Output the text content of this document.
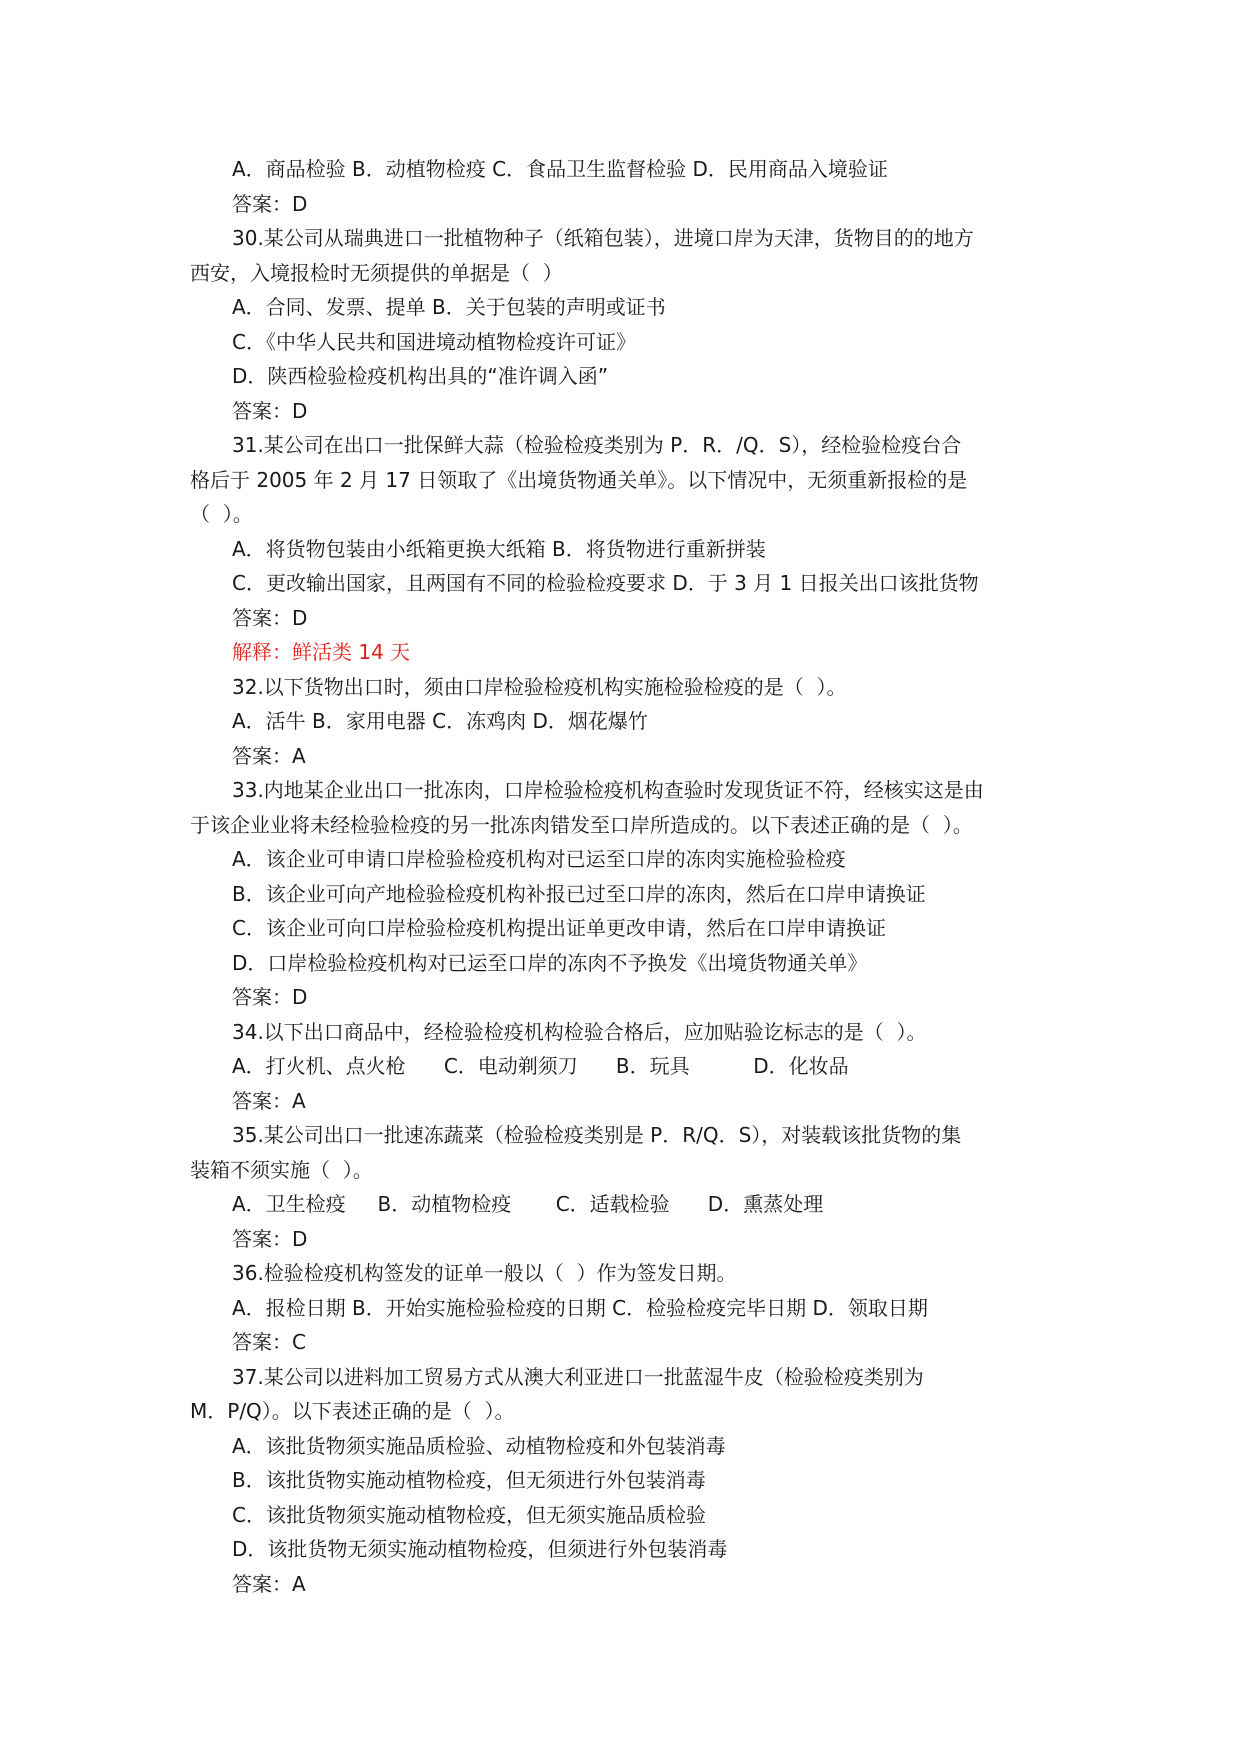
A．商品检验 B．动植物检疫 C．食品卫生监督检验 D．民用商品入境验证
答案：D
30.某公司从瑞典进口一批植物种子（纸箱包装），进境口岸为天津，货物目的的地方
西安，入境报检时无须提供的单据是（  ）
A．合同、发票、提单 B．关于包装的声明或证书
C．《中华人民共和国进境动植物检疫许可证》
D．陕西检验检疫机构出具的“准许调入函”
答案：D
31.某公司在出口一批保鲜大蒜（检验检疫类别为 P．R．/Q．S），经检验检疫台合
格后于 2005 年 2 月 17 日领取了《出境货物通关单》。以下情况中，无须重新报检的是
（  ）。
A．将货物包装由小纸箱更换大纸箱 B．将货物进行重新拼装
C．更改输出国家，且两国有不同的检验检疫要求 D．于 3 月 1 日报关出口该批货物
答案：D
解释：鲜活类 14 天
32.以下货物出口时，须由口岸检验检疫机构实施检验检疫的是（  ）。
A．活牛 B．家用电器 C．冻鸡肉 D．烟花爆竹
答案：A
33.内地某企业出口一批冻肉，口岸检验检疫机构查验时发现货证不符，经核实这是由
于该企业业将未经检验检疫的另一批冻肉错发至口岸所造成的。以下表述正确的是（  ）。
A．该企业可申请口岸检验检疫机构对已运至口岸的冻肉实施检验检疫
B．该企业可向产地检验检疫机构补报已过至口岸的冻肉，然后在口岸申请换证
C．该企业可向口岸检验检疫机构提出证单更改申请，然后在口岸申请换证
D．口岸检验检疫机构对已运至口岸的冻肉不予换发《出境货物通关单》
答案：D
34.以下出口商品中，经检验检疫机构检验合格后，应加贴验讫标志的是（  ）。
A．打火机、点火枪      C．电动剃须刀      B．玩具          D．化妆品
答案：A
35.某公司出口一批速冻蔬菜（检验检疫类别是 P．R/Q．S），对装载该批货物的集
装箱不须实施（  ）。
A．卫生检疫     B．动植物检疫       C．适载检验      D．熏蒸处理
答案：D
36.检验检疫机构签发的证单一般以（  ）作为签发日期。
A．报检日期 B．开始实施检验检疫的日期 C．检验检疫完毕日期 D．领取日期
答案：C
37.某公司以进料加工贸易方式从澳大利亚进口一批蓝湿牛皮（检验检疫类别为
M．P/Q）。以下表述正确的是（  ）。
A．该批货物须实施品质检验、动植物检疫和外包装消毒
B．该批货物实施动植物检疫，但无须进行外包装消毒
C．该批货物须实施动植物检疫，但无须实施品质检验
D．该批货物无须实施动植物检疫，但须进行外包装消毒
答案：A
